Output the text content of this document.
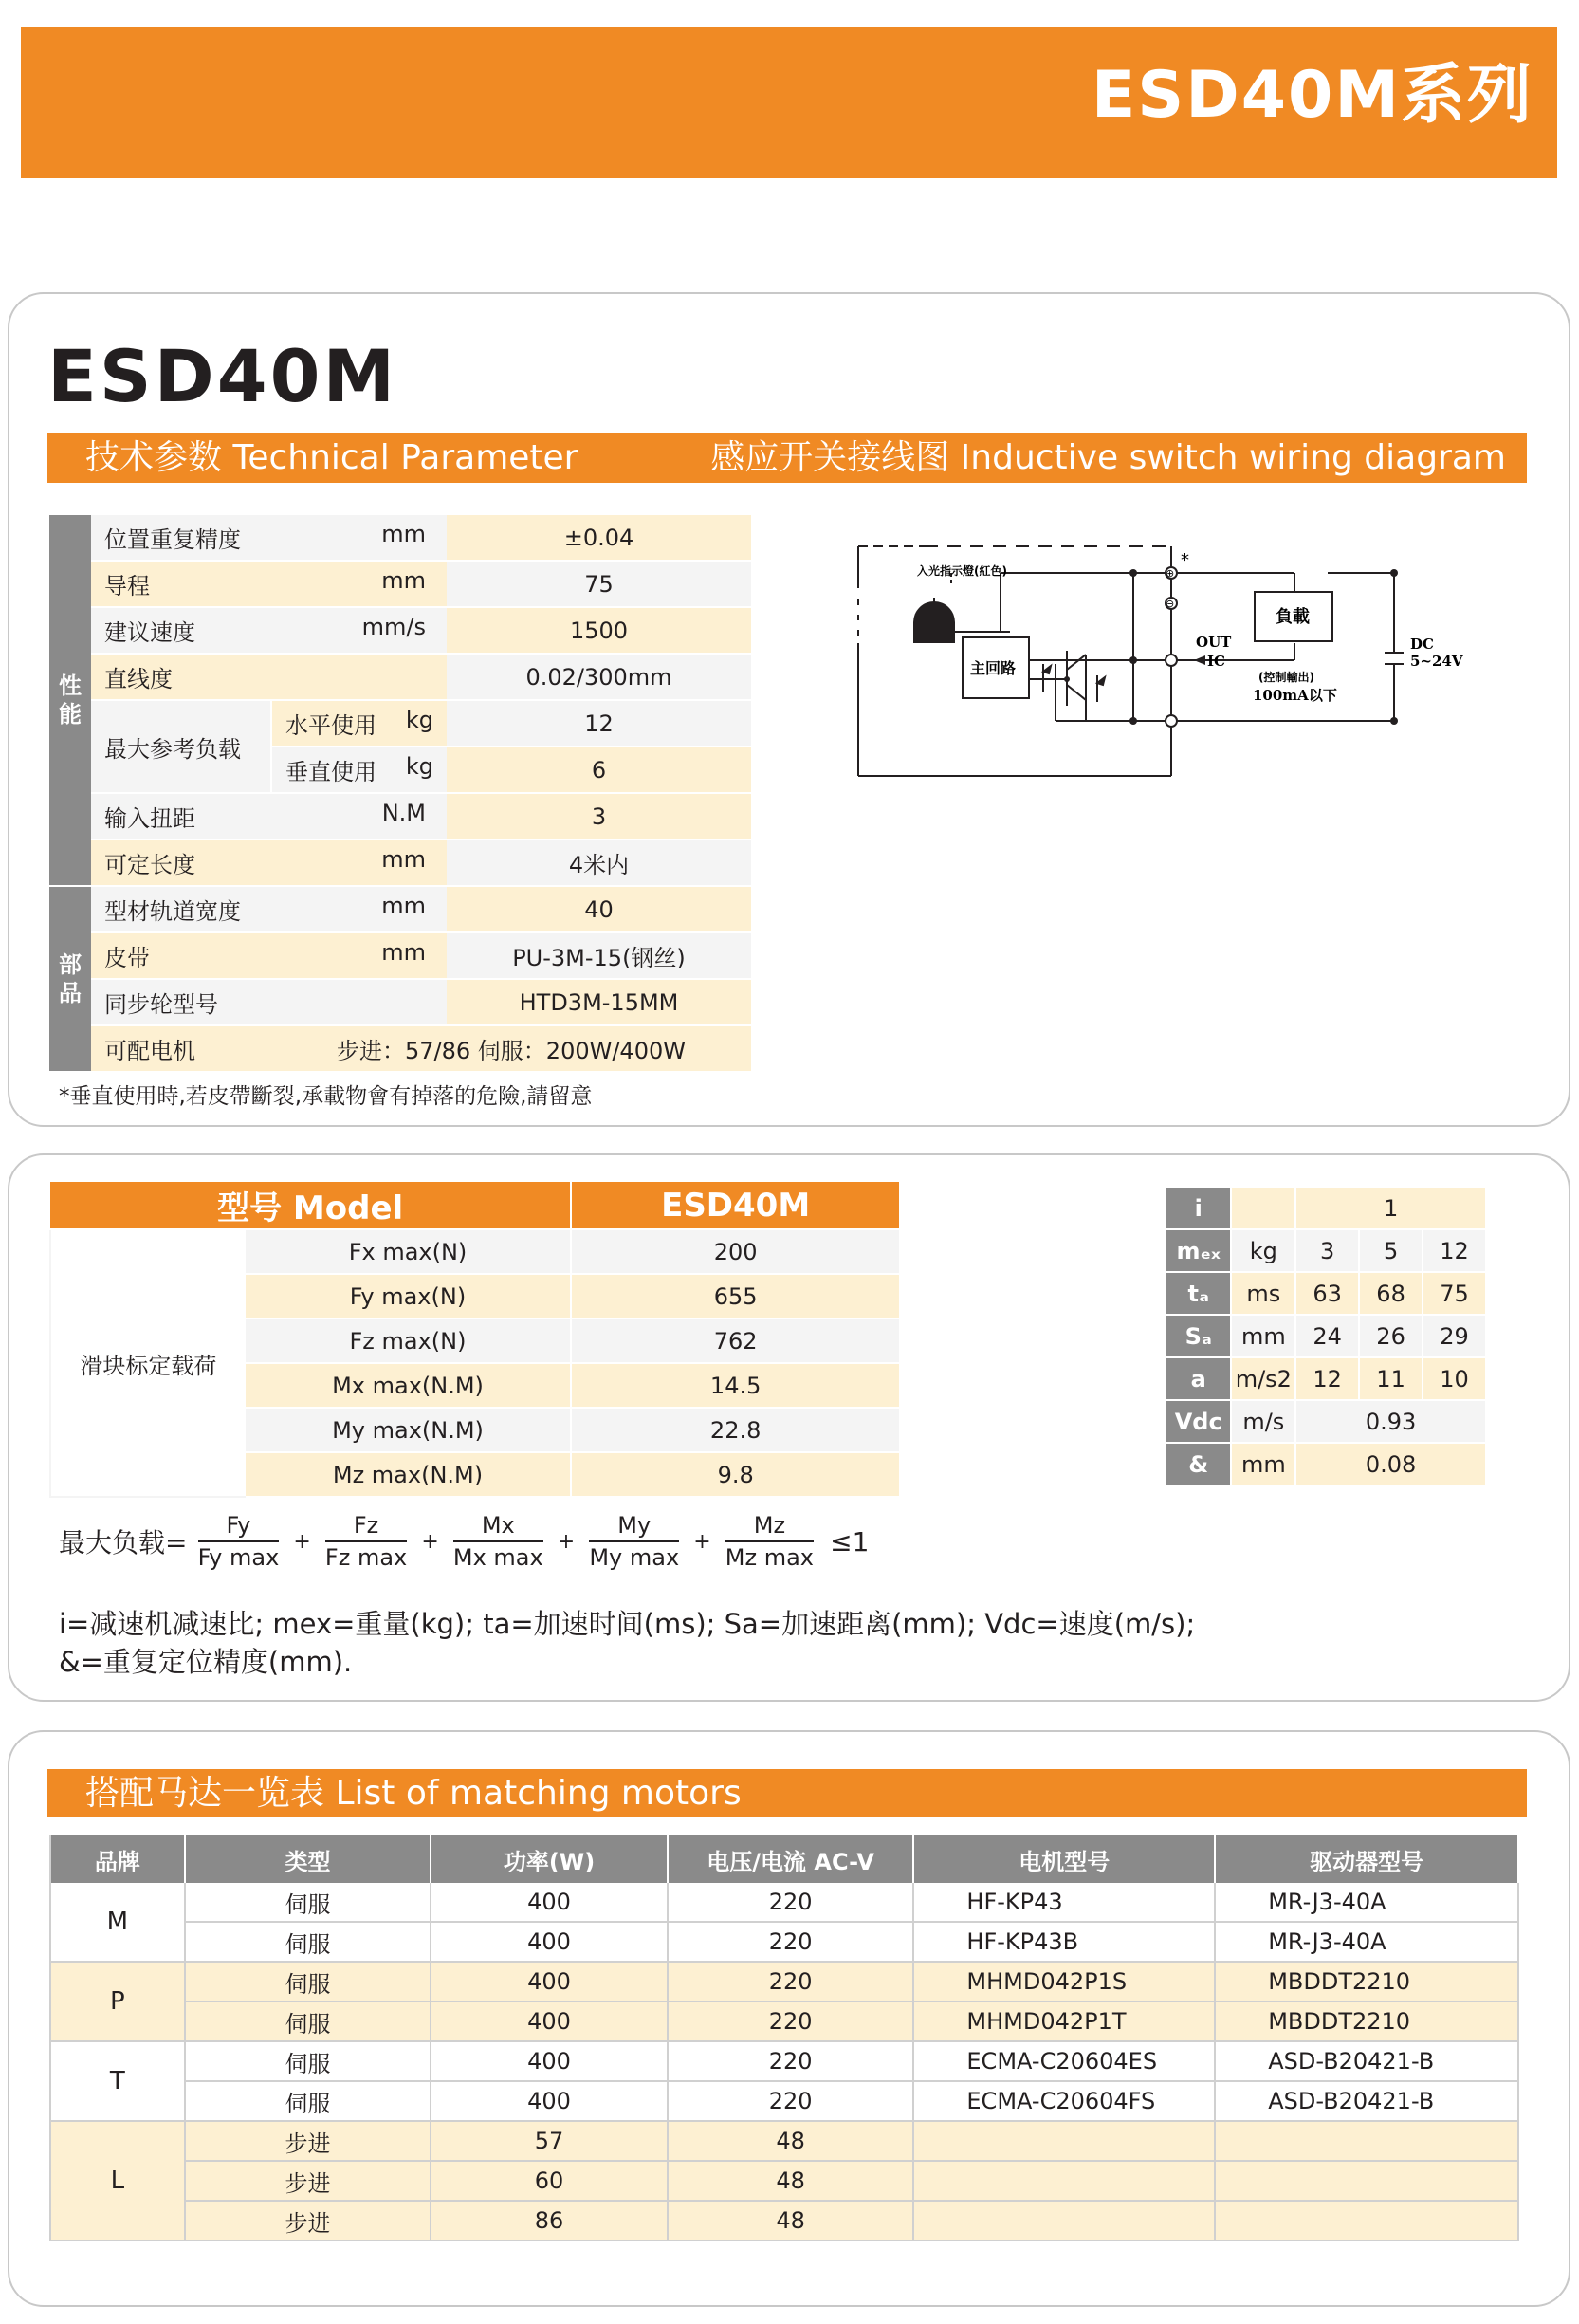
ESD40M系列
ESD40M
技术参数 Technical Parameter	感应开关接线图 Inductive switch wiring diagram
性能	位置重复精度 mm		±0.04
	导程 mm		75
	建议速度 mm/s		1500
	直线度		0.02/300mm
	最大参考负载	水平使用 kg	12
		垂直使用 kg	6
	输入扭距 N.M		3
	可定长度 mm		4米内

部品	型材轨道宽度 mm		40
	皮带 mm		PU-3M-15(钢丝)
	同步轮型号		HTD3M-15MM
	可配电机	步进：57/86 伺服：200W/400W	
*垂直使用時,若皮帶斷裂,承載物會有掉落的危險,請留意
⊕
⊖
*
入光指示燈(紅色)
主回路
負載
OUT
IC
(控制輸出)
100mA以下
DC
5~24V
型号 Model		ESD40M
滑块标定载荷	Fx max(N)	200
	Fy max(N)	655
	Fz max(N)	762
	Mx max(N.M)	14.5
	My max(N.M)	22.8
	Mz max(N.M)	9.8
i		1		
mₑₓ	kg	3	5	12
tₐ	ms	63	68	75
Sₐ	mm	24	26	29
a	m/s2	12	11	10
Vdc	m/s	0.93		
&	mm	0.08		
最大负载= $\frac{Fy}{\text{Fy max}} + \frac{Fz}{\text{Fz max}} + \frac{Mx}{\text{Mx max}} + \frac{My}{\text{My max}} + \frac{Mz}{\text{Mz max}} \le 1$
i=减速机减速比; mex=重量(kg); ta=加速时间(ms); Sa=加速距离(mm); Vdc=速度(m/s);
&=重复定位精度(mm).
搭配马达一览表 List of matching motors
品牌	类型	功率(W)	电压/电流 AC-V	电机型号	驱动器型号
M	伺服	400	220	HF-KP43	MR-J3-40A
	伺服	400	220	HF-KP43B	MR-J3-40A
P	伺服	400	220	MHMD042P1S	MBDDT2210
	伺服	400	220	MHMD042P1T	MBDDT2210
T	伺服	400	220	ECMA-C20604ES	ASD-B20421-B
	伺服	400	220	ECMA-C20604FS	ASD-B20421-B
L	步进	57	48		
	步进	60	48		
	步进	86	48		
